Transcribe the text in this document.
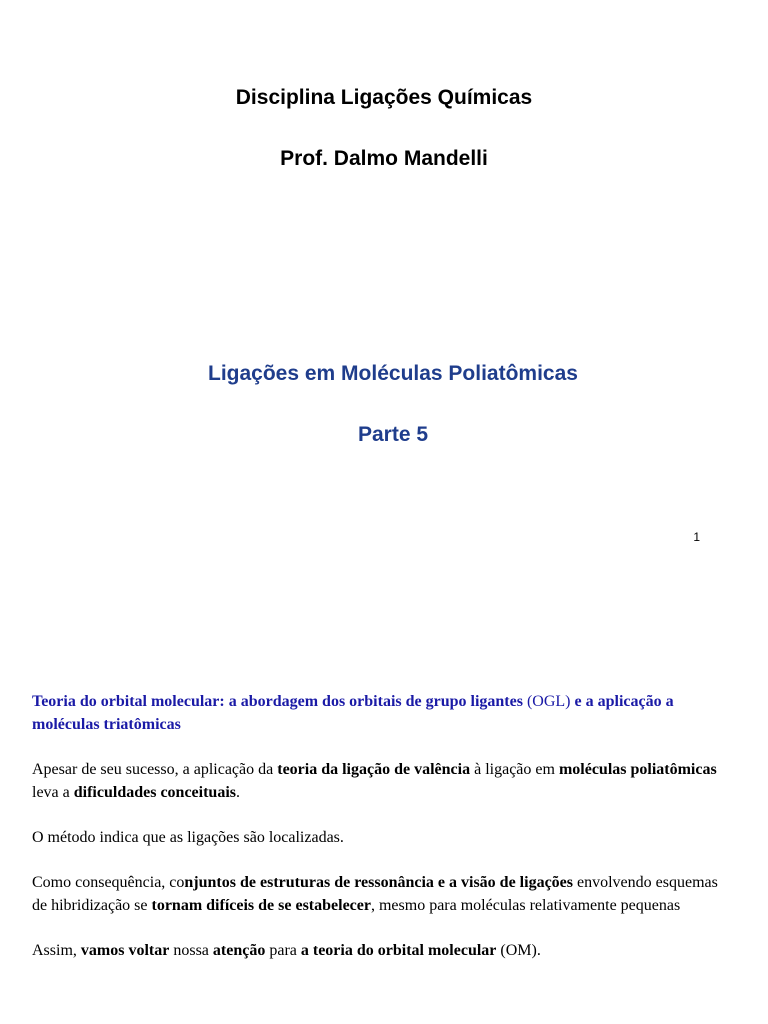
Disciplina Ligações Químicas
Prof. Dalmo Mandelli
Ligações em Moléculas Poliatômicas
Parte 5
1
Teoria do orbital molecular: a abordagem dos orbitais de grupo ligantes (OGL) e a aplicação a moléculas triatômicas
Apesar de seu sucesso, a aplicação da teoria da ligação de valência à ligação em moléculas poliatômicas leva a dificuldades conceituais.
O método indica que as ligações são localizadas.
Como consequência, conjuntos de estruturas de ressonância e a visão de ligações envolvendo esquemas de hibridização se tornam difíceis de se estabelecer, mesmo para moléculas relativamente pequenas
Assim, vamos voltar nossa atenção para a teoria do orbital molecular (OM).
